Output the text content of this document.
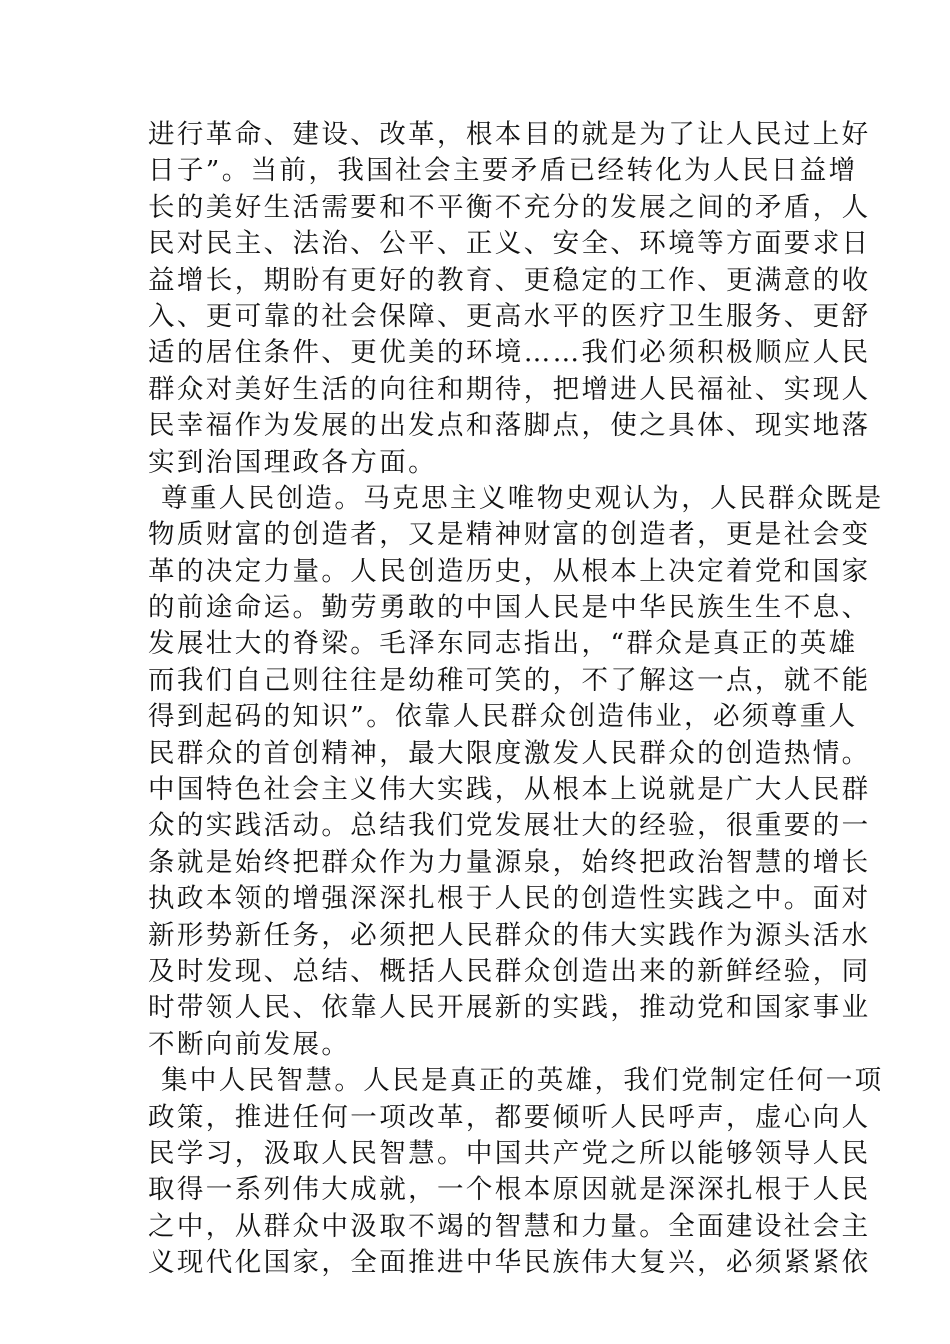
进行革命、建设、改革，根本目的就是为了让人民过上好
日子”。当前，我国社会主要矛盾已经转化为人民日益增
长的美好生活需要和不平衡不充分的发展之间的矛盾，人
民对民主、法治、公平、正义、安全、环境等方面要求日
益增长，期盼有更好的教育、更稳定的工作、更满意的收
入、更可靠的社会保障、更高水平的医疗卫生服务、更舒
适的居住条件、更优美的环境……我们必须积极顺应人民
群众对美好生活的向往和期待，把增进人民福祉、实现人
民幸福作为发展的出发点和落脚点，使之具体、现实地落
实到治国理政各方面。
尊重人民创造。马克思主义唯物史观认为，人民群众既是
物质财富的创造者，又是精神财富的创造者，更是社会变
革的决定力量。人民创造历史，从根本上决定着党和国家
的前途命运。勤劳勇敢的中国人民是中华民族生生不息、
发展壮大的脊梁。毛泽东同志指出，“群众是真正的英雄
而我们自己则往往是幼稚可笑的，不了解这一点，就不能
得到起码的知识”。依靠人民群众创造伟业，必须尊重人
民群众的首创精神，最大限度激发人民群众的创造热情。
中国特色社会主义伟大实践，从根本上说就是广大人民群
众的实践活动。总结我们党发展壮大的经验，很重要的一
条就是始终把群众作为力量源泉，始终把政治智慧的增长
执政本领的增强深深扎根于人民的创造性实践之中。面对
新形势新任务，必须把人民群众的伟大实践作为源头活水
及时发现、总结、概括人民群众创造出来的新鲜经验，同
时带领人民、依靠人民开展新的实践，推动党和国家事业
不断向前发展。
集中人民智慧。人民是真正的英雄，我们党制定任何一项
政策，推进任何一项改革，都要倾听人民呼声，虚心向人
民学习，汲取人民智慧。中国共产党之所以能够领导人民
取得一系列伟大成就，一个根本原因就是深深扎根于人民
之中，从群众中汲取不竭的智慧和力量。全面建设社会主
义现代化国家，全面推进中华民族伟大复兴，必须紧紧依
